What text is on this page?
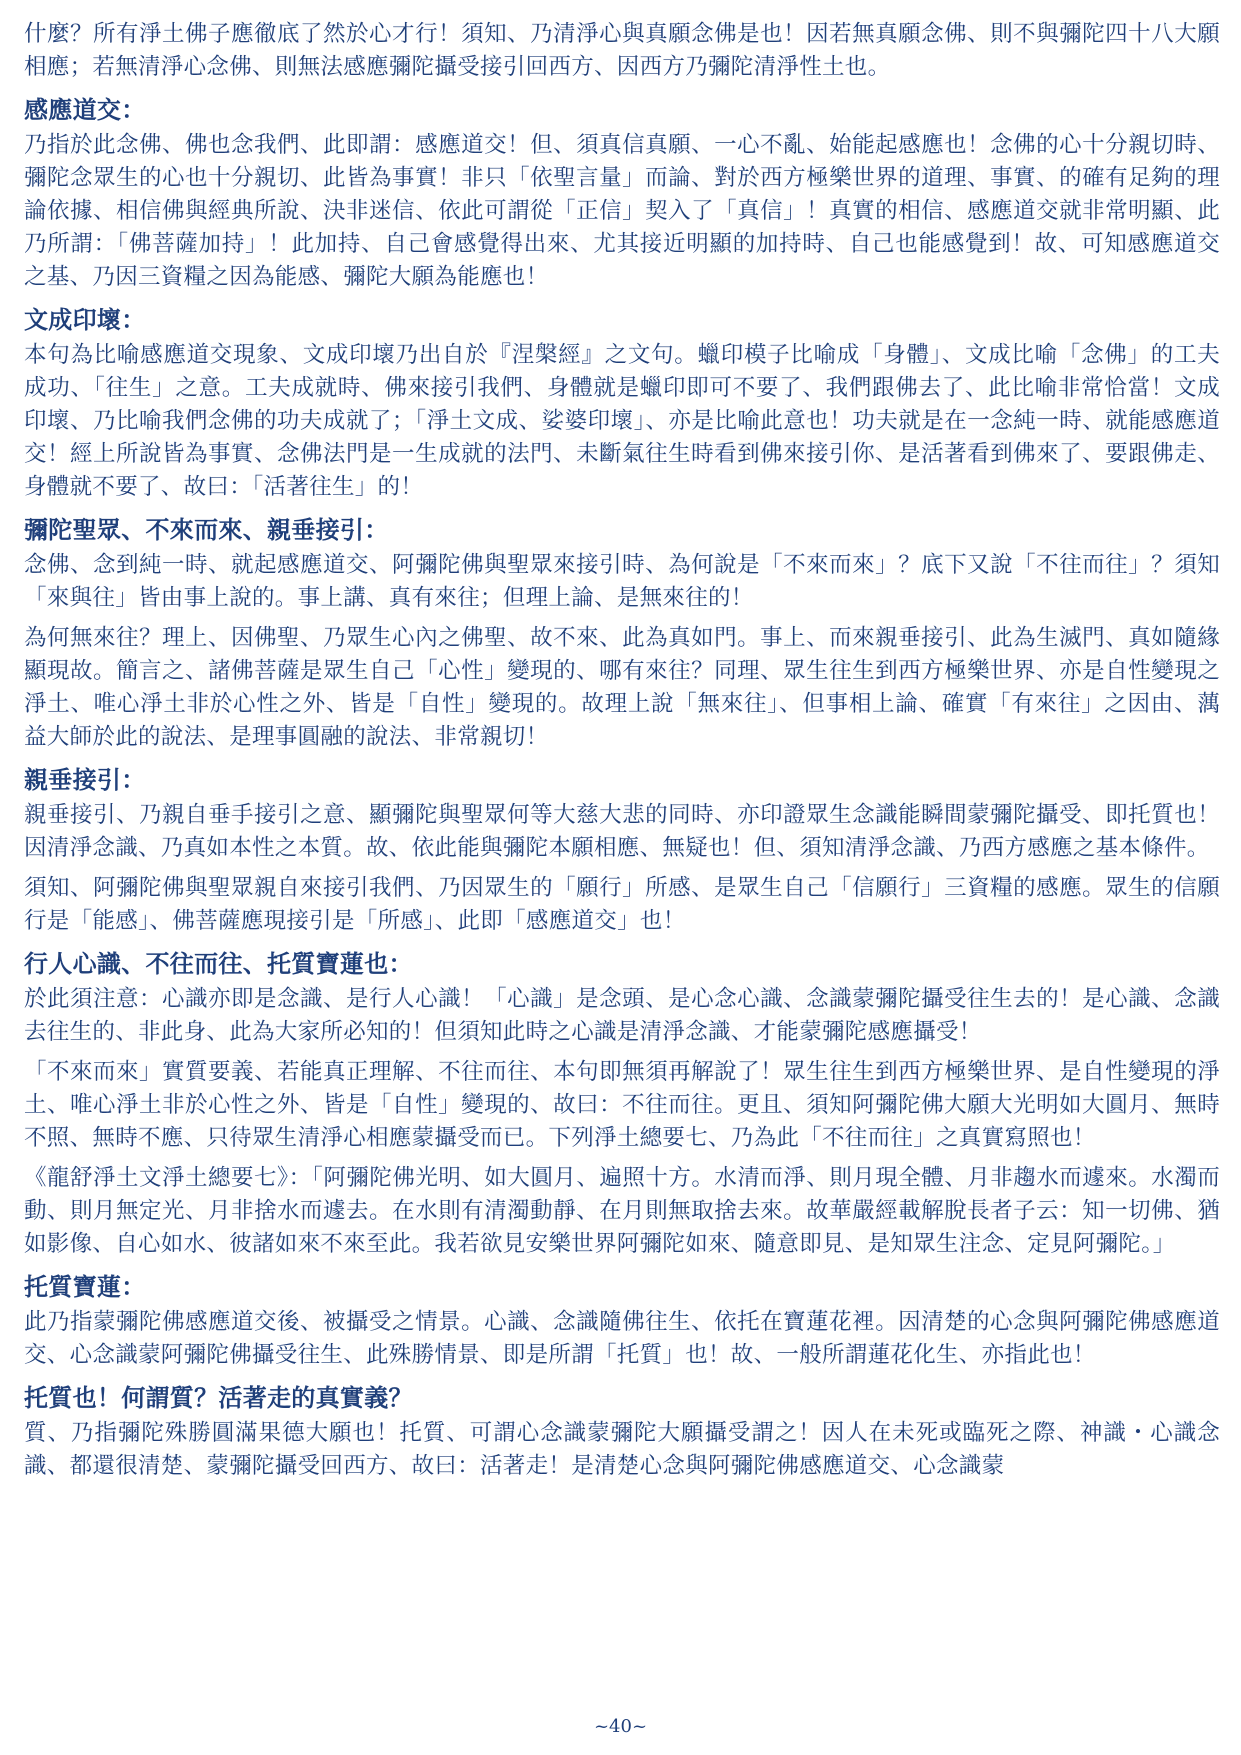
什麼？所有淨土佛子應徹底了然於心才行！須知、乃清淨心與真願念佛是也！因若無真願念佛、則不與彌陀四十八大願相應；若無清淨心念佛、則無法感應彌陀攝受接引回西方、因西方乃彌陀清淨性土也。

感應道交：

乃指於此念佛、佛也念我們、此即謂：感應道交！但、須真信真願、一心不亂、始能起感應也！念佛的心十分親切時、彌陀念眾生的心也十分親切、此皆為事實！非只「依聖言量」而論、對於西方極樂世界的道理、事實、的確有足夠的理論依據、相信佛與經典所說、決非迷信、依此可謂從「正信」契入了「真信」！真實的相信、感應道交就非常明顯、此乃所謂：「佛菩薩加持」！此加持、自己會感覺得出來、尤其接近明顯的加持時、自己也能感覺到！故、可知感應道交之基、乃因三資糧之因為能感、彌陀大願為能應也！

文成印壞：

本句為比喻感應道交現象、文成印壞乃出自於『涅槃經』之文句。蠟印模子比喻成「身體」、文成比喻「念佛」的工夫成功、「往生」之意。工夫成就時、佛來接引我們、身體就是蠟印即可不要了、我們跟佛去了、此比喻非常恰當！文成印壞、乃比喻我們念佛的功夫成就了；「淨土文成、娑婆印壞」、亦是比喻此意也！功夫就是在一念純一時、就能感應道交！經上所說皆為事實、念佛法門是一生成就的法門、未斷氣往生時看到佛來接引你、是活著看到佛來了、要跟佛走、身體就不要了、故曰：「活著往生」的！

彌陀聖眾、不來而來、親垂接引：

念佛、念到純一時、就起感應道交、阿彌陀佛與聖眾來接引時、為何說是「不來而來」？底下又說「不往而往」？須知「來與往」皆由事上說的。事上講、真有來往；但理上論、是無來往的！

為何無來往？理上、因佛聖、乃眾生心內之佛聖、故不來、此為真如門。事上、而來親垂接引、此為生滅門、真如隨緣顯現故。簡言之、諸佛菩薩是眾生自己「心性」變現的、哪有來往？同理、眾生往生到西方極樂世界、亦是自性變現之淨土、唯心淨土非於心性之外、皆是「自性」變現的。故理上說「無來往」、但事相上論、確實「有來往」之因由、蕅益大師於此的說法、是理事圓融的說法、非常親切！

親垂接引：

親垂接引、乃親自垂手接引之意、顯彌陀與聖眾何等大慈大悲的同時、亦印證眾生念識能瞬間蒙彌陀攝受、即托質也！因清淨念識、乃真如本性之本質。故、依此能與彌陀本願相應、無疑也！但、須知清淨念識、乃西方感應之基本條件。

須知、阿彌陀佛與聖眾親自來接引我們、乃因眾生的「願行」所感、是眾生自己「信願行」三資糧的感應。眾生的信願行是「能感」、佛菩薩應現接引是「所感」、此即「感應道交」也！

行人心識、不往而往、托質寶蓮也：

於此須注意：心識亦即是念識、是行人心識！「心識」是念頭、是心念心識、念識蒙彌陀攝受往生去的！是心識、念識去往生的、非此身、此為大家所必知的！但須知此時之心識是清淨念識、才能蒙彌陀感應攝受！

「不來而來」實質要義、若能真正理解、不往而往、本句即無須再解說了！眾生往生到西方極樂世界、是自性變現的淨土、唯心淨土非於心性之外、皆是「自性」變現的、故曰：不往而往。更且、須知阿彌陀佛大願大光明如大圓月、無時不照、無時不應、只待眾生清淨心相應蒙攝受而已。下列淨土總要七、乃為此「不往而往」之真實寫照也！

《龍舒淨土文淨土總要七》：「阿彌陀佛光明、如大圓月、遍照十方。水清而淨、則月現全體、月非趨水而遽來。水濁而動、則月無定光、月非捨水而遽去。在水則有清濁動靜、在月則無取捨去來。故華嚴經載解脫長者子云：知一切佛、猶如影像、自心如水、彼諸如來不來至此。我若欲見安樂世界阿彌陀如來、隨意即見、是知眾生注念、定見阿彌陀。」

托質寶蓮：

此乃指蒙彌陀佛感應道交後、被攝受之情景。心識、念識隨佛往生、依托在寶蓮花裡。因清楚的心念與阿彌陀佛感應道交、心念識蒙阿彌陀佛攝受往生、此殊勝情景、即是所謂「托質」也！故、一般所謂蓮花化生、亦指此也！

托質也！何謂質？活著走的真實義？

質、乃指彌陀殊勝圓滿果德大願也！托質、可謂心念識蒙彌陀大願攝受謂之！因人在未死或臨死之際、神識・心識念識、都還很清楚、蒙彌陀攝受回西方、故曰：活著走！是清楚心念與阿彌陀佛感應道交、心念識蒙

~40~
